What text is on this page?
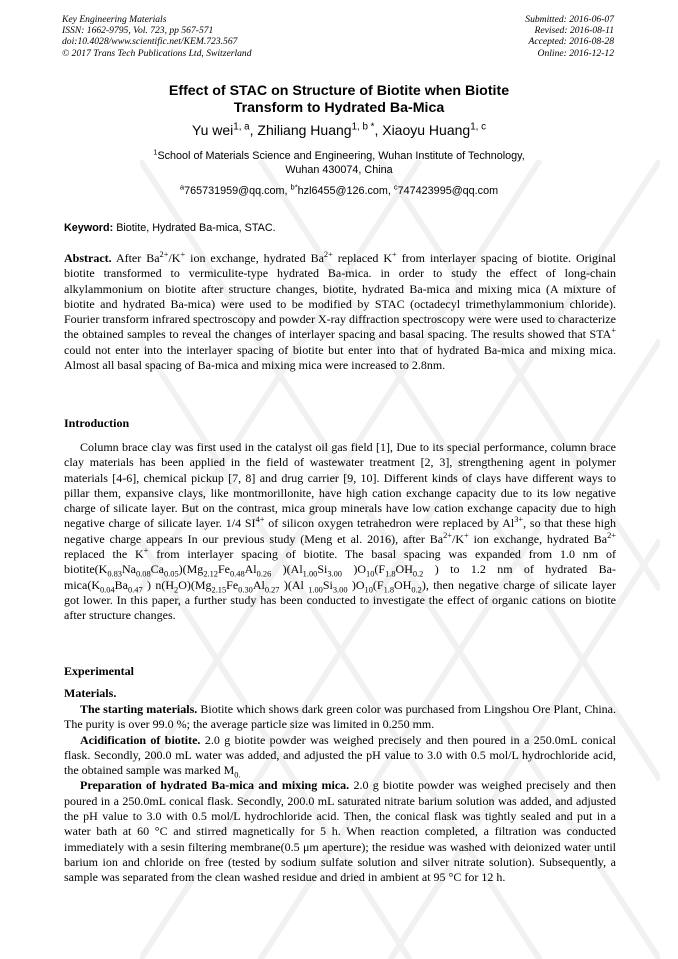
Key Engineering Materials
ISSN: 1662-9795, Vol. 723, pp 567-571
doi:10.4028/www.scientific.net/KEM.723.567
© 2017 Trans Tech Publications Ltd, Switzerland
Submitted: 2016-06-07
Revised: 2016-08-11
Accepted: 2016-08-28
Online: 2016-12-12
Effect of STAC on Structure of Biotite when Biotite
Transform to Hydrated Ba-Mica
Yu wei$^{1, a}$, Zhiliang Huang$^{1, b *}$, Xiaoyu Huang$^{1, c}$
$^1$School of Materials Science and Engineering, Wuhan Institute of Technology,
Wuhan 430074, China
$^a$765731959@qq.com, $^{b*}$hzl6455@126.com, $^c$747423995@qq.com
Keyword: Biotite, Hydrated Ba-mica, STAC.
Abstract. After $Ba^{2+}/K^+$ ion exchange, hydrated $Ba^{2+}$ replaced K+ from interlayer spacing of biotite. Original biotite transformed to vermiculite-type hydrated Ba-mica. in order to study the effect of long-chain alkylammonium on biotite after structure changes, biotite, hydrated Ba-mica and mixing mica (A mixture of biotite and hydrated Ba-mica) were used to be modified by STAC (octadecyl trimethylammonium chloride). Fourier transform infrared spectroscopy and powder X-ray diffraction spectroscopy were were used to characterize the obtained samples to reveal the changes of interlayer spacing and basal spacing. The results showed that STA+ could not enter into the interlayer spacing of biotite but enter into that of hydrated Ba-mica and mixing mica. Almost all basal spacing of Ba-mica and mixing mica were increased to 2.8nm.
Introduction
Column brace clay was first used in the catalyst oil gas field [1], Due to its special performance, column brace clay materials has been applied in the field of wastewater treatment [2, 3], strengthening agent in polymer materials [4-6], chemical pickup [7, 8] and drug carrier [9, 10]. Different kinds of clays have different ways to pillar them, expansive clays, like montmorillonite, have high cation exchange capacity due to its low negative charge of silicate layer. But on the contrast, mica group minerals have low cation exchange capacity due to high negative charge of silicate layer. 1/4 $SI^{4+}$ of silicon oxygen tetrahedron were replaced by $Al^{3+}$, so that these high negative charge appears In our previous study (Meng et al. 2016), after $Ba^{2+}/K^+$ ion exchange, hydrated $Ba^{2+}$ replaced the K+ from interlayer spacing of biotite. The basal spacing was expanded from 1.0 nm of $biotite(K_{0.83}Na_{0.08}Ca_{0.05})(Mg_{2.12}Fe_{0.48}Al_{0.26}$ )($Al_{1.00}Si_{3.00}$ )$O_{10}(F_{1.8}OH_{0.2}$ ) to 1.2 nm of hydrated $Ba-mica(K_{0.04}Ba_{0.47}$ ) $n(H_2O)(Mg_{2.15}Fe_{0.30}Al_{0.27}$ )(Al $_{1.00}Si_{3.00}$ )$O_{10}(F_{1.8}OH_{0.2})$, then negative charge of silicate layer got lower. In this paper, a further study has been conducted to investigate the effect of organic cations on biotite after structure changes.
Experimental
Materials.

The starting materials. Biotite which shows dark green color was purchased from Lingshou Ore Plant, China. The purity is over 99.0 %; the average particle size was limited in 0.250 mm.

Acidification of biotite. 2.0 g biotite powder was weighed precisely and then poured in a 250.0mL conical flask. Secondly, 200.0 mL water was added, and adjusted the pH value to 3.0 with 0.5 mol/L hydrochloride acid, the obtained sample was marked $M_{0.}$

Preparation of hydrated Ba-mica and mixing mica. 2.0 g biotite powder was weighed precisely and then poured in a 250.0mL conical flask. Secondly, 200.0 mL saturated nitrate barium solution was added, and adjusted the pH value to 3.0 with 0.5 mol/L hydrochloride acid. Then, the conical flask was tightly sealed and put in a water bath at 60 °C and stirred magnetically for 5 h. When reaction completed, a filtration was conducted immediately with a sesin filtering membrane(0.5 μm aperture); the residue was washed with deionized water until barium ion and chloride on free (tested by sodium sulfate solution and silver nitrate solution). Subsequently, a sample was separated from the clean washed residue and dried in ambient at 95 °C for 12 h.
